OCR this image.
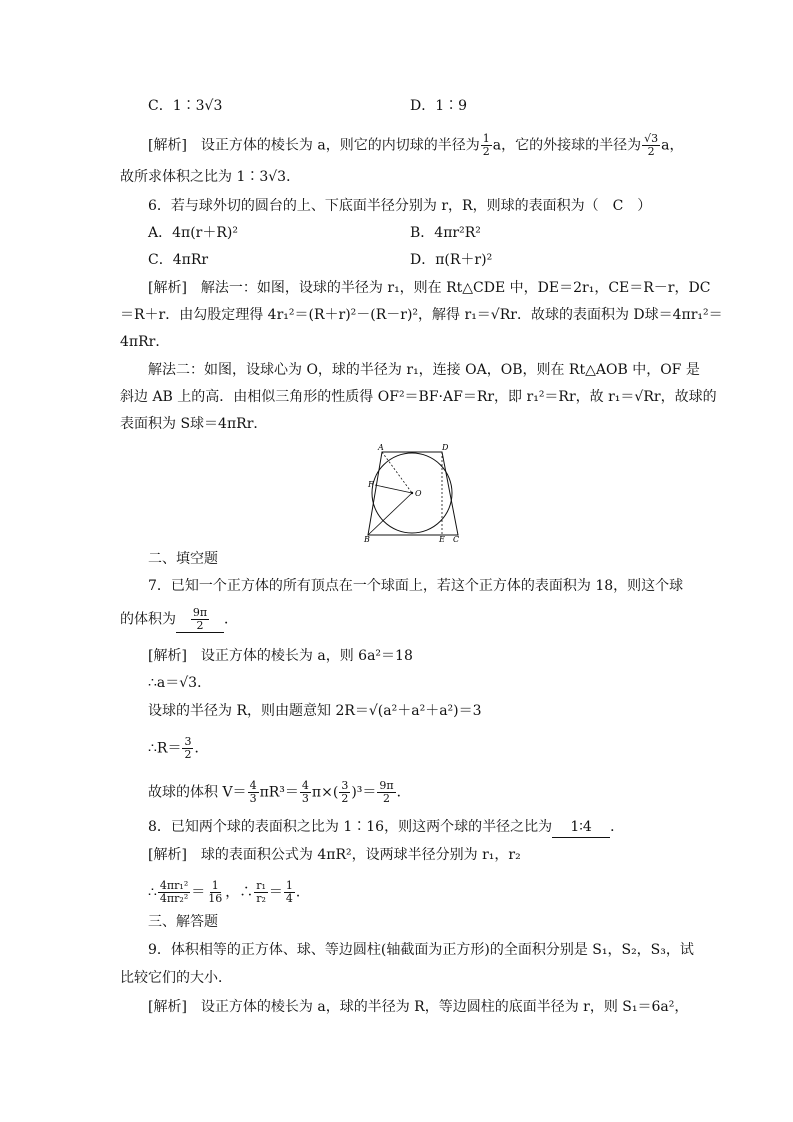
C．1∶3√3	D．1∶9
[解析]　设正方体的棱长为 a，则它的内切球的半径为 $\frac{1}{2}$ a，它的外接球的半径为 $\frac{√3}{2}$ a，
故所求体积之比为 1∶3√3．
6．若与球外切的圆台的上、下底面半径分别为 r，R，则球的表面积为（　C　）
A．4π(r＋R)²	B．4πr²R²
C．4πRr	D．π(R＋r)²
[解析]　解法一：如图，设球的半径为 r₁，则在 Rt△CDE 中，DE＝2r₁，CE＝R－r，DC
＝R＋r．由勾股定理得 4r₁²＝(R＋r)²－(R－r)²，解得 r₁＝√Rr．故球的表面积为 D球＝4πr₁²＝
4πRr．
解法二：如图，设球心为 O，球的半径为 r₁，连接 OA，OB，则在 Rt△AOB 中，OF 是
斜边 AB 上的高．由相似三角形的性质得 OF²＝BF·AF＝Rr，即 r₁²＝Rr，故 r₁＝√Rr，故球的
表面积为 S球＝4πRr．
A	D
F
O
B	E C
二、填空题
7．已知一个正方体的所有顶点在一个球面上，若这个正方体的表面积为 18，则这个球
的体积为 $\frac{9\pi}{2}$ ．
[解析]　设正方体的棱长为 a，则 6a²＝18
∴a＝√3．
设球的半径为 R，则由题意知 2R＝√(a²＋a²＋a²)＝3
∴R＝ $\frac{3}{2}$ ．
故球的体积 $V= \frac{4}{3} \pi R^3= \frac{4}{3} \pi\times( \frac{3}{2} )^3= \frac{9\pi}{2}$ ．
8．已知两个球的表面积之比为 1∶16，则这两个球的半径之比为 1∶4 ．
[解析]　球的表面积公式为 4πR²，设两球半径分别为 r₁，r₂
∴ $\frac{\text{4πr₁²}}{\text{4πr₂²}} = \frac{1}{16}$ ，∴ $\frac{\text{r₁}}{\text{r₂}} = \frac{1}{4}$ ．
三、解答题
9．体积相等的正方体、球、等边圆柱(轴截面为正方形)的全面积分别是 S₁，S₂，S₃，试
比较它们的大小．
[解析]　设正方体的棱长为 a，球的半径为 R，等边圆柱的底面半径为 r，则 S₁＝6a²，
